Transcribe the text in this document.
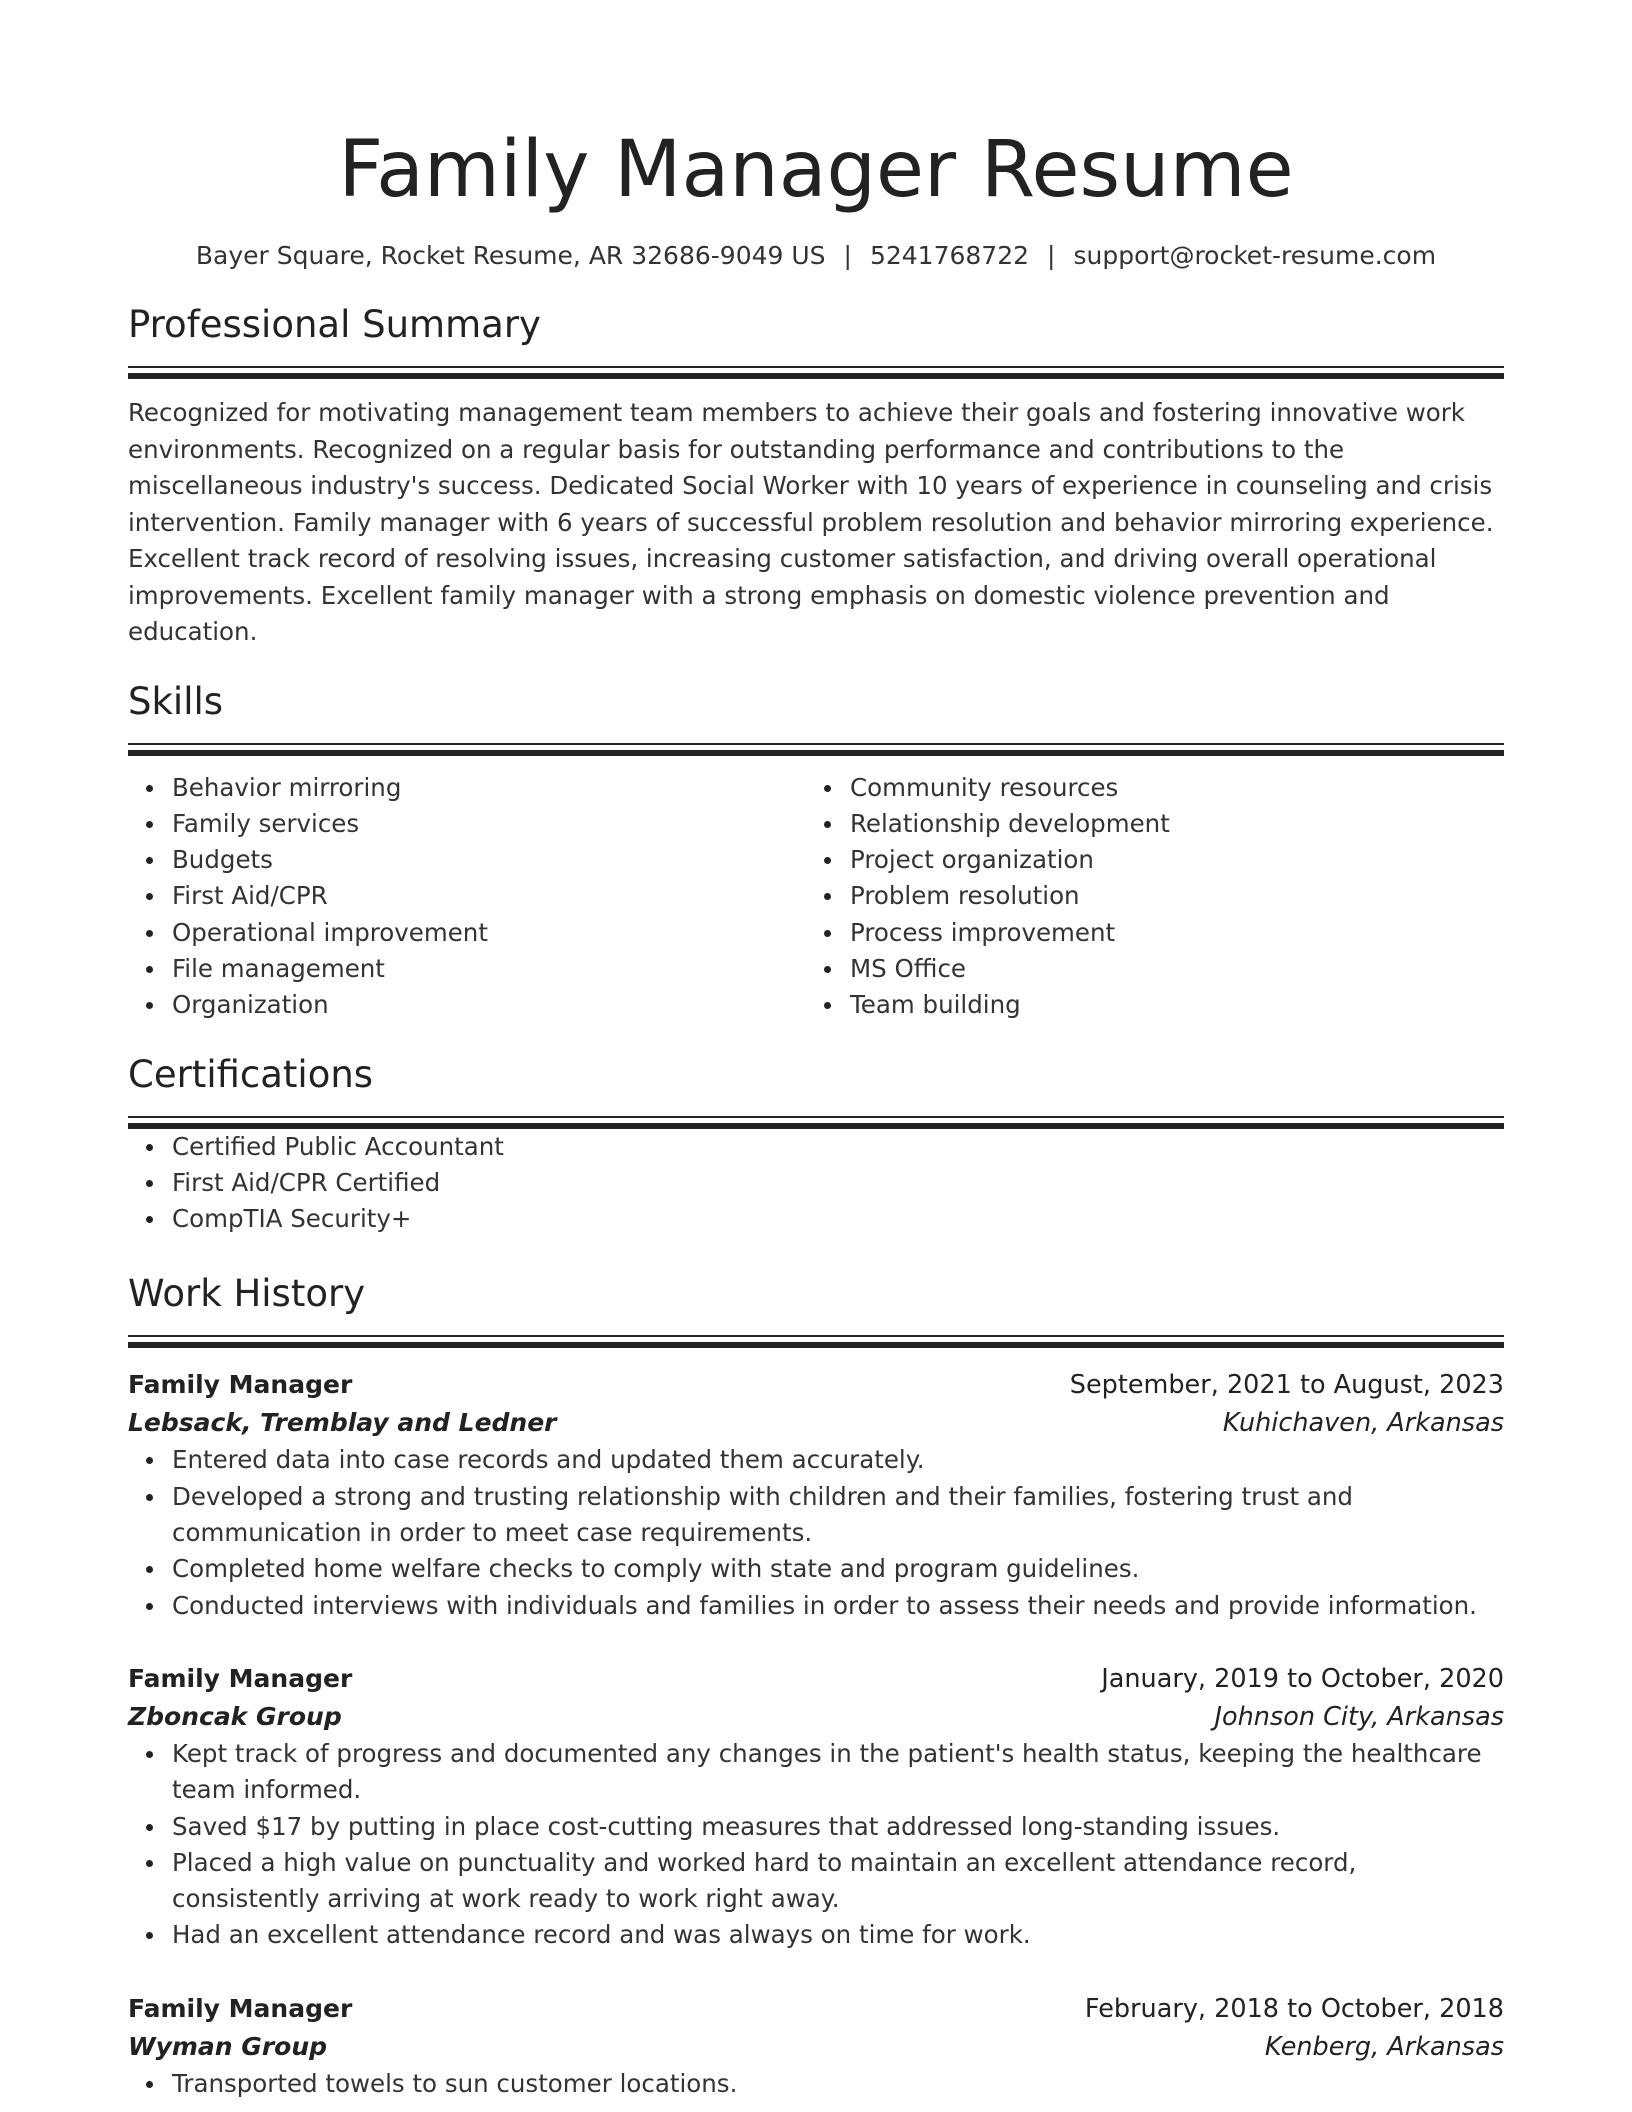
Family Manager Resume
Bayer Square, Rocket Resume, AR 32686-9049 US | 5241768722 | support@rocket-resume.com
Professional Summary
Recognized for motivating management team members to achieve their goals and fostering innovative work environments. Recognized on a regular basis for outstanding performance and contributions to the miscellaneous industry's success. Dedicated Social Worker with 10 years of experience in counseling and crisis intervention. Family manager with 6 years of successful problem resolution and behavior mirroring experience. Excellent track record of resolving issues, increasing customer satisfaction, and driving overall operational improvements. Excellent family manager with a strong emphasis on domestic violence prevention and education.
Skills
Behavior mirroring
Family services
Budgets
First Aid/CPR
Operational improvement
File management
Organization
Community resources
Relationship development
Project organization
Problem resolution
Process improvement
MS Office
Team building
Certifications
Certified Public Accountant
First Aid/CPR Certified
CompTIA Security+
Work History
Family Manager	September, 2021 to August, 2023
Lebsack, Tremblay and Ledner	Kuhichaven, Arkansas
Entered data into case records and updated them accurately.
Developed a strong and trusting relationship with children and their families, fostering trust and communication in order to meet case requirements.
Completed home welfare checks to comply with state and program guidelines.
Conducted interviews with individuals and families in order to assess their needs and provide information.
Family Manager	January, 2019 to October, 2020
Zboncak Group	Johnson City, Arkansas
Kept track of progress and documented any changes in the patient's health status, keeping the healthcare team informed.
Saved $17 by putting in place cost-cutting measures that addressed long-standing issues.
Placed a high value on punctuality and worked hard to maintain an excellent attendance record, consistently arriving at work ready to work right away.
Had an excellent attendance record and was always on time for work.
Family Manager	February, 2018 to October, 2018
Wyman Group	Kenberg, Arkansas
Transported towels to sun customer locations.
